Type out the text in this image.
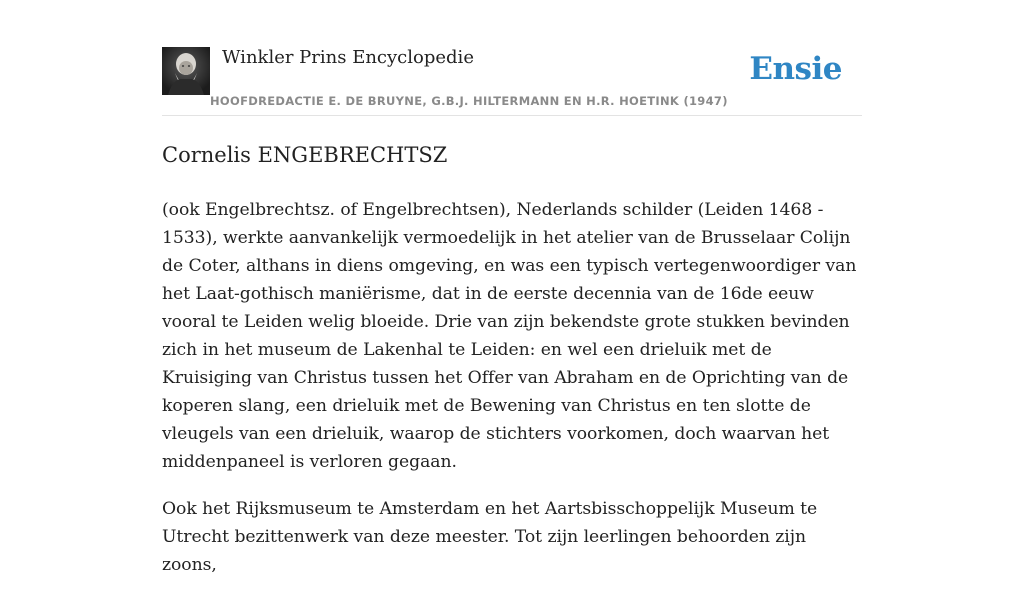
Winkler Prins Encyclopedie
HOOFDREDACTIE E. DE BRUYNE, G.B.J. HILTERMANN EN H.R. HOETINK (1947)
Ensie
Cornelis ENGEBRECHTSZ

(ook Engelbrechtsz. of Engelbrechtsen), Nederlands schilder (Leiden 1468 - 1533), werkte aanvankelijk vermoedelijk in het atelier van de Brusselaar Colijn de Coter, althans in diens omgeving, en was een typisch vertegenwoordiger van het Laat-gothisch maniërisme, dat in de eerste decennia van de 16de eeuw vooral te Leiden welig bloeide. Drie van zijn bekendste grote stukken bevinden zich in het museum de Lakenhal te Leiden: en wel een drieluik met de Kruisiging van Christus tussen het Offer van Abraham en de Oprichting van de koperen slang, een drieluik met de Bewening van Christus en ten slotte de vleugels van een drieluik, waarop de stichters voorkomen, doch waarvan het middenpaneel is verloren gegaan.

Ook het Rijksmuseum te Amsterdam en het Aartsbisschoppelijk Museum te Utrecht bezittenwerk van deze meester. Tot zijn leerlingen behoorden zijn zoons,
